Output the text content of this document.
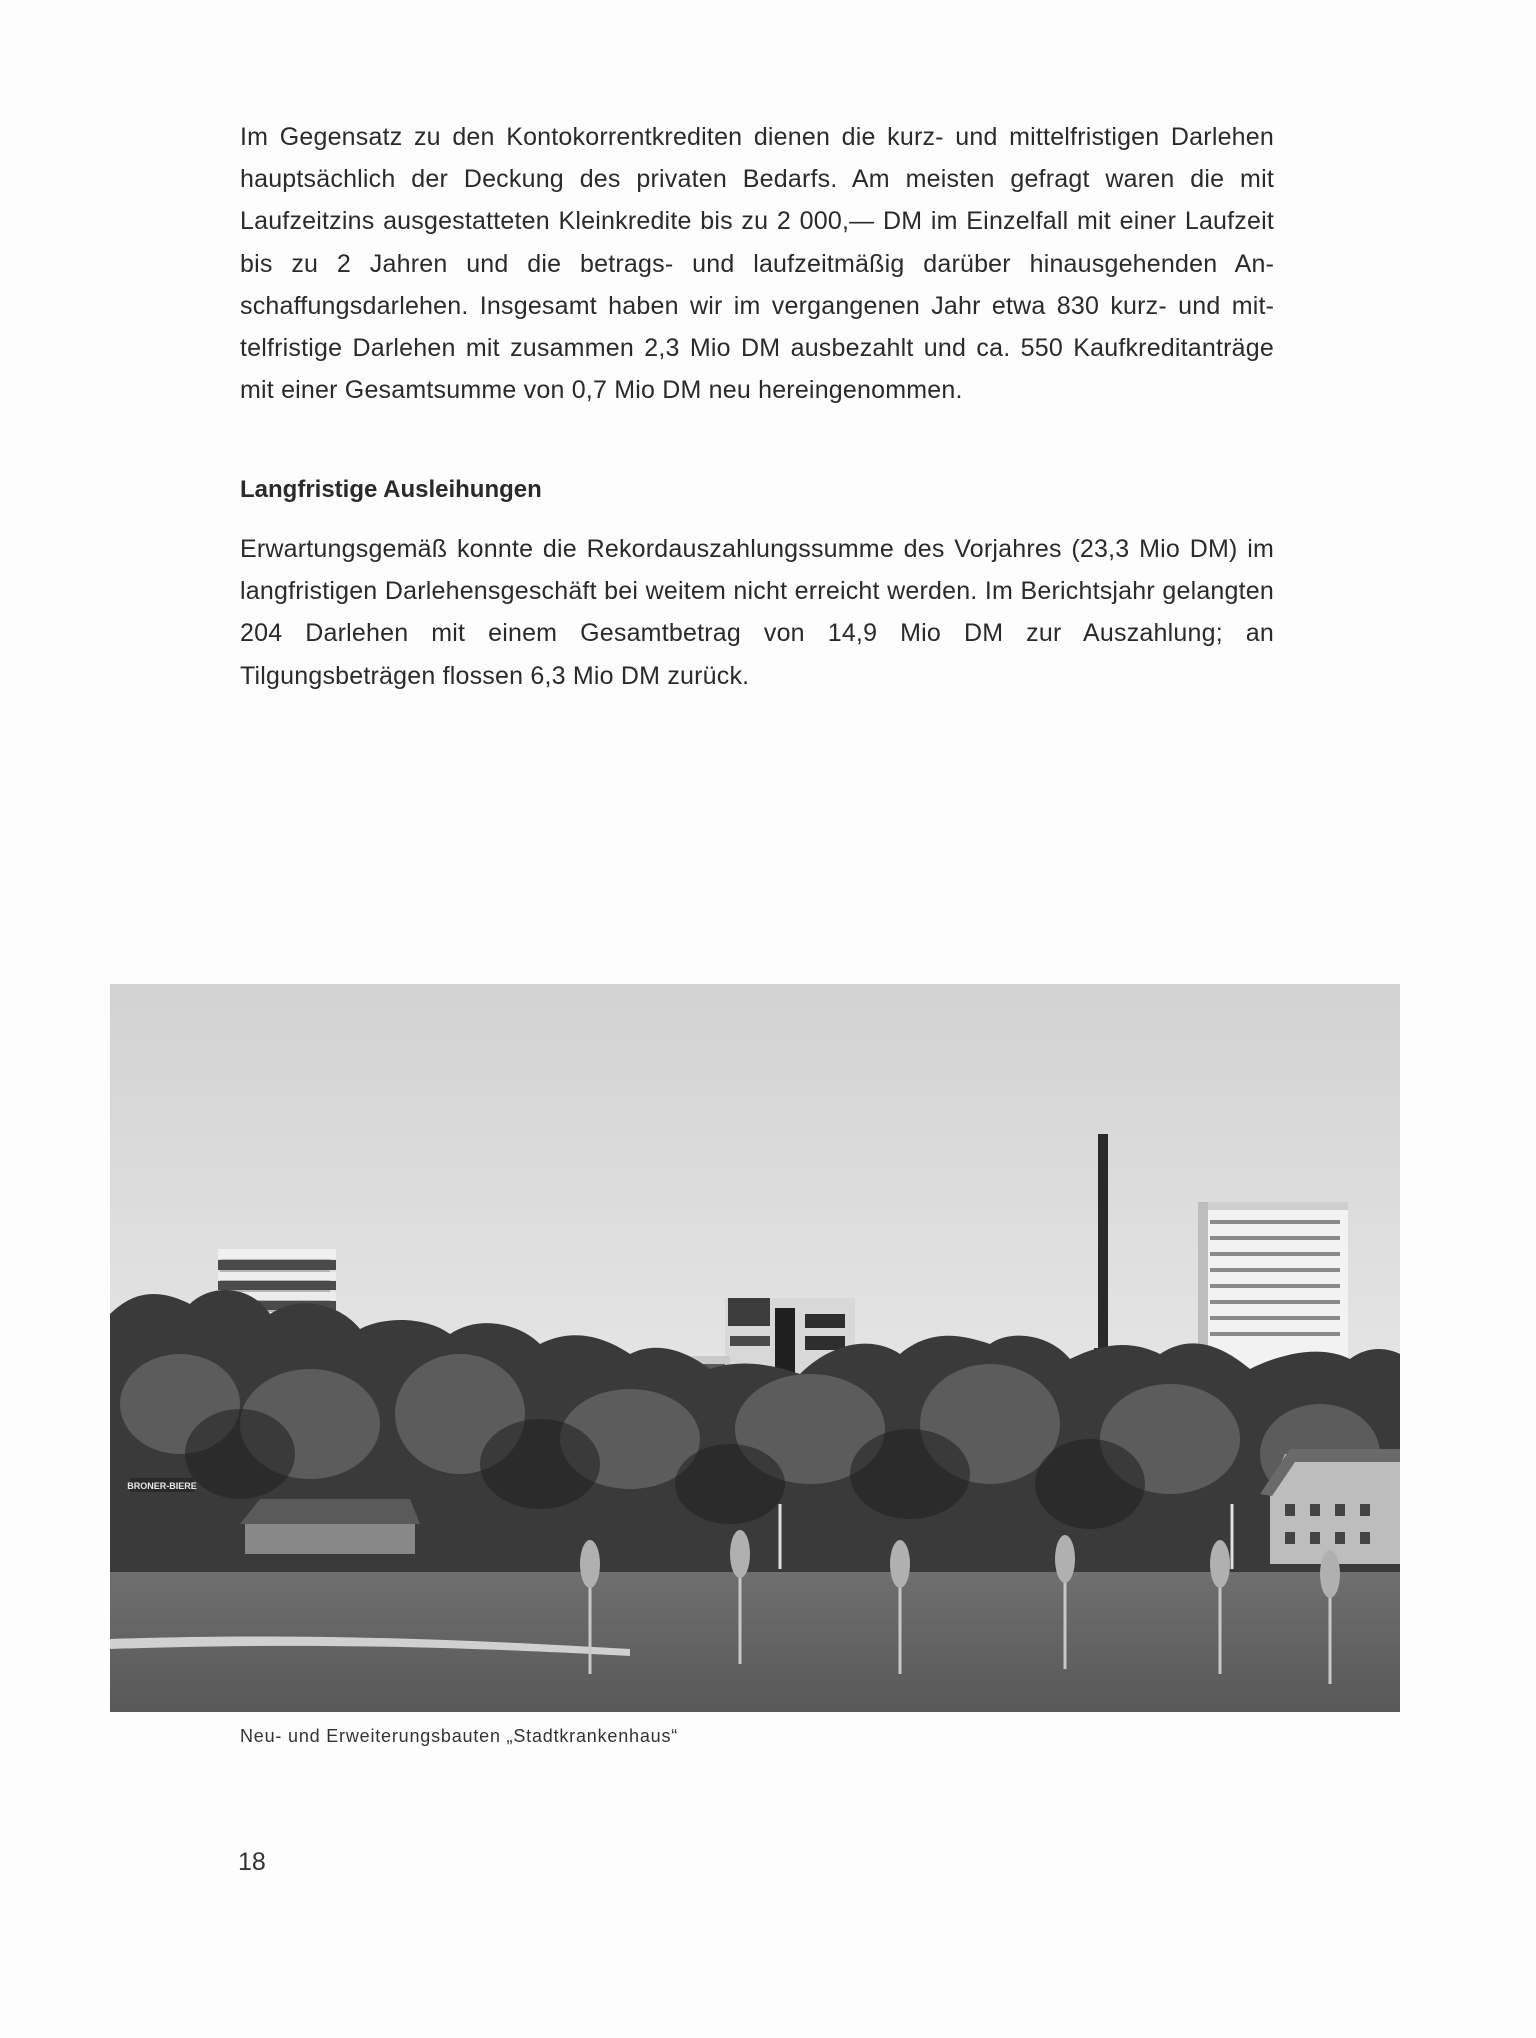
Im Gegensatz zu den Kontokorrentkrediten dienen die kurz- und mittelfristigen Darlehen hauptsächlich der Deckung des privaten Bedarfs. Am meisten gefragt waren die mit Laufzeitzins ausgestatteten Kleinkredite bis zu 2 000,— DM im Einzelfall mit einer Laufzeit bis zu 2 Jahren und die betrags- und laufzeitmäßig darüber hinausgehenden Anschaffungsdarlehen. Insgesamt haben wir im vergangenen Jahr etwa 830 kurz- und mittelfristige Darlehen mit zusammen 2,3 Mio DM ausbezahlt und ca. 550 Kaufkreditanträge mit einer Gesamtsumme von 0,7 Mio DM neu hereingenommen.

Langfristige Ausleihungen

Erwartungsgemäß konnte die Rekordauszahlungssumme des Vorjahres (23,3 Mio DM) im langfristigen Darlehensgeschäft bei weitem nicht erreicht werden. Im Berichtsjahr gelangten 204 Darlehen mit einem Gesamtbetrag von 14,9 Mio DM zur Auszahlung; an Tilgungsbeträgen flossen 6,3 Mio DM zurück.

BRONER-BIERE

Neu- und Erweiterungsbauten „Stadtkrankenhaus“

18
